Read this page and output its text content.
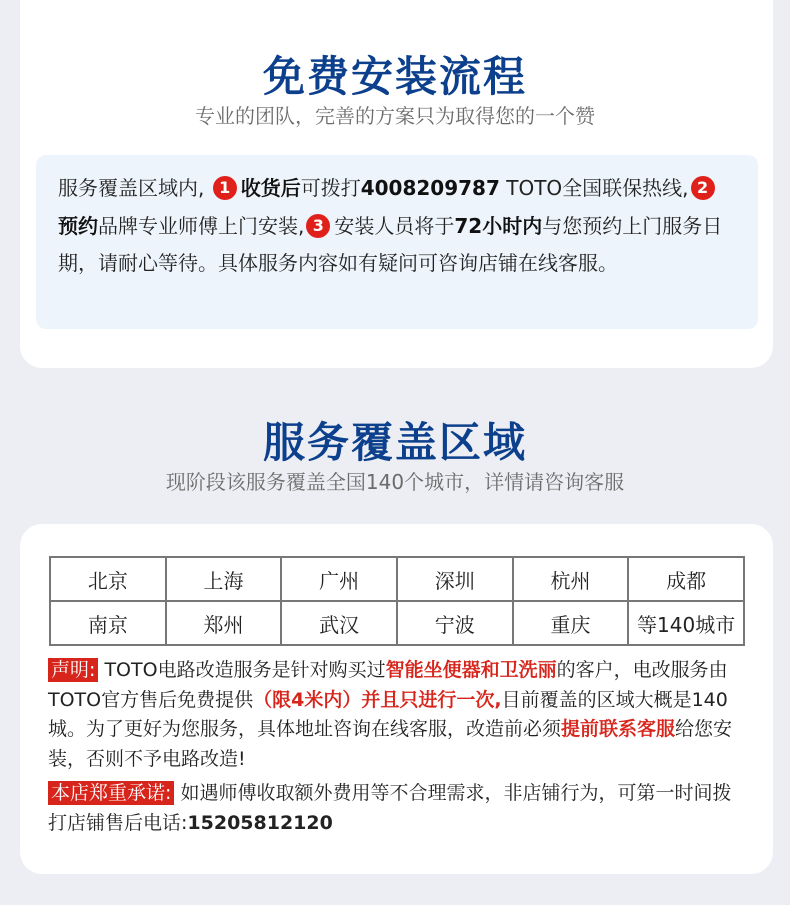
免费安装流程
专业的团队，完善的方案只为取得您的一个赞
服务覆盖区域内, 1 收货后可拨打4008209787 TOTO全国联保热线, 2预约品牌专业师傅上门安装, 3 安装人员将于72小时内与您预约上门服务日期，请耐心等待。具体服务内容如有疑问可咨询店铺在线客服。
服务覆盖区域
现阶段该服务覆盖全国140个城市，详情请咨询客服
北京	上海	广州	深圳	杭州	成都
南京	郑州	武汉	宁波	重庆	等140城市

声明: TOTO电路改造服务是针对购买过智能坐便器和卫洗丽的客户，电改服务由TOTO官方售后免费提供（限4米内）并且只进行一次,目前覆盖的区域大概是140城。为了更好为您服务，具体地址咨询在线客服，改造前必须提前联系客服给您安装，否则不予电路改造!

本店郑重承诺: 如遇师傅收取额外费用等不合理需求，非店铺行为，可第一时间拨打店铺售后电话:15205812120
